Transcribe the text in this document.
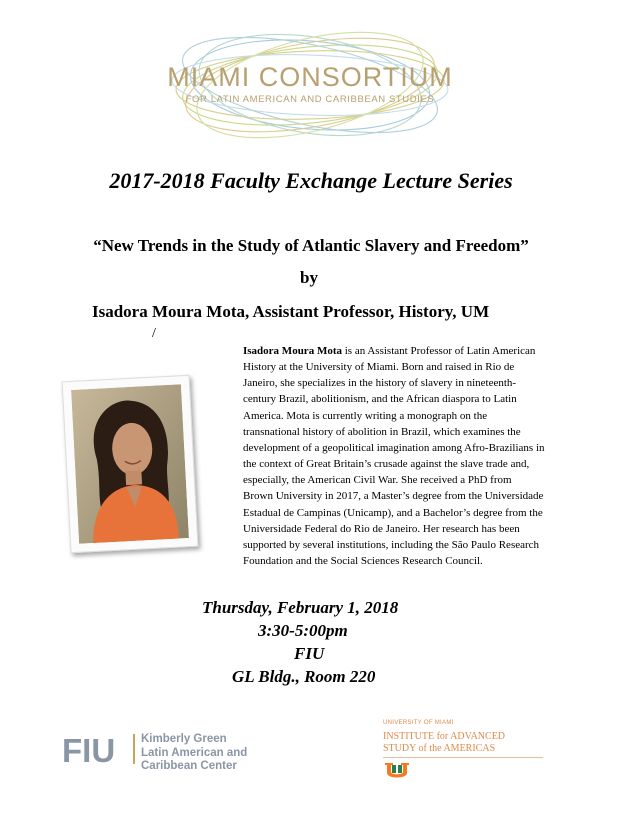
MIAMI CONSORTIUM
FOR LATIN AMERICAN AND CARIBBEAN STUDIES
2017-2018 Faculty Exchange Lecture Series
“New Trends in the Study of Atlantic Slavery and Freedom”
by
Isadora Moura Mota, Assistant Professor, History, UM
/
Isadora Moura Mota is an Assistant Professor of Latin American
History at the University of Miami. Born and raised in Rio de
Janeiro, she specializes in the history of slavery in nineteenth-
century Brazil, abolitionism, and the African diaspora to Latin
America. Mota is currently writing a monograph on the
transnational history of abolition in Brazil, which examines the
development of a geopolitical imagination among Afro-Brazilians in
the context of Great Britain’s crusade against the slave trade and,
especially, the American Civil War. She received a PhD from
Brown University in 2017, a Master’s degree from the Universidade
Estadual de Campinas (Unicamp), and a Bachelor’s degree from the
Universidade Federal do Rio de Janeiro. Her research has been
supported by several institutions, including the São Paulo Research
Foundation and the Social Sciences Research Council.
Thursday, February 1, 2018
3:30-5:00pm
FIU
GL Bldg., Room 220
FIU Kimberly Green
Latin American and
Caribbean Center
UNIVERSITY OF MIAMI
INSTITUTE for ADVANCED
STUDY of the AMERICAS
